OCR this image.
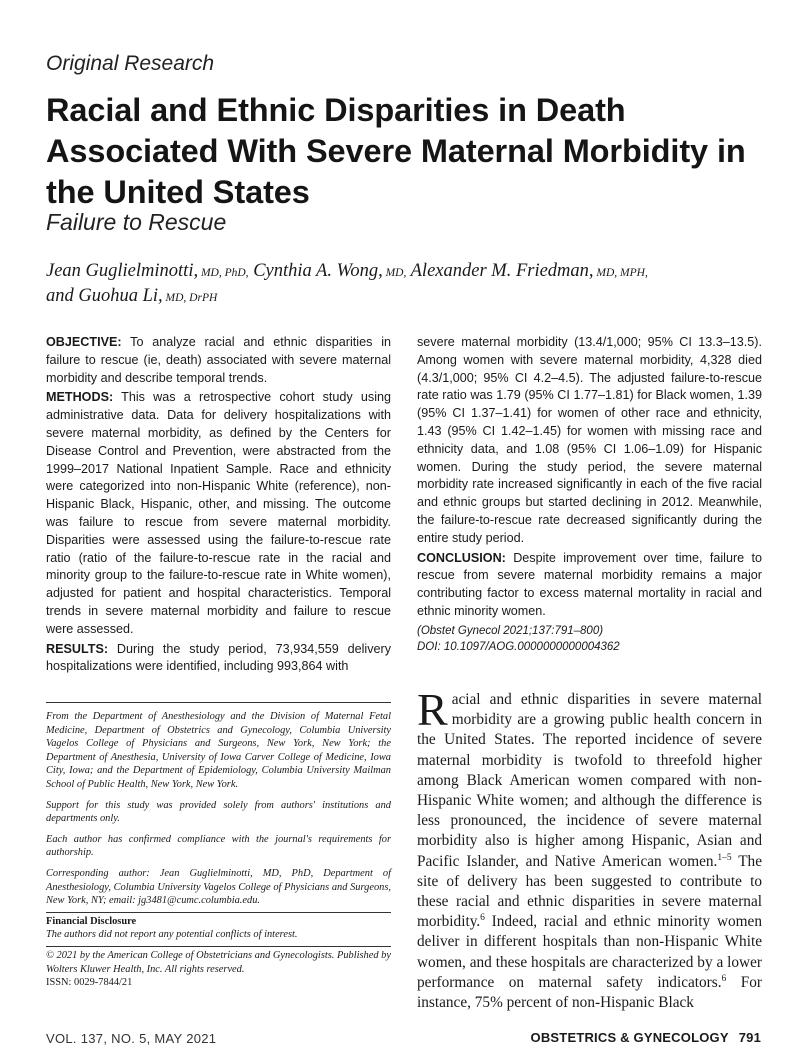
Original Research
Racial and Ethnic Disparities in Death Associated With Severe Maternal Morbidity in the United States
Failure to Rescue
Jean Guglielminotti, MD, PhD, Cynthia A. Wong, MD, Alexander M. Friedman, MD, MPH,
and Guohua Li, MD, DrPH

OBJECTIVE: To analyze racial and ethnic disparities in failure to rescue (ie, death) associated with severe maternal morbidity and describe temporal trends.

METHODS: This was a retrospective cohort study using administrative data. Data for delivery hospitalizations with severe maternal morbidity, as defined by the Centers for Disease Control and Prevention, were abstracted from the 1999–2017 National Inpatient Sample. Race and ethnicity were categorized into non-Hispanic White (reference), non-Hispanic Black, Hispanic, other, and missing. The outcome was failure to rescue from severe maternal morbidity. Disparities were assessed using the failure-to-rescue rate ratio (ratio of the failure-to-rescue rate in the racial and minority group to the failure-to-rescue rate in White women), adjusted for patient and hospital characteristics. Temporal trends in severe maternal morbidity and failure to rescue were assessed.

RESULTS: During the study period, 73,934,559 delivery hospitalizations were identified, including 993,864 with

severe maternal morbidity (13.4/1,000; 95% CI 13.3–13.5). Among women with severe maternal morbidity, 4,328 died (4.3/1,000; 95% CI 4.2–4.5). The adjusted failure-to-rescue rate ratio was 1.79 (95% CI 1.77–1.81) for Black women, 1.39 (95% CI 1.37–1.41) for women of other race and ethnicity, 1.43 (95% CI 1.42–1.45) for women with missing race and ethnicity data, and 1.08 (95% CI 1.06–1.09) for Hispanic women. During the study period, the severe maternal morbidity rate increased significantly in each of the five racial and ethnic groups but started declining in 2012. Meanwhile, the failure-to-rescue rate decreased significantly during the entire study period.

CONCLUSION: Despite improvement over time, failure to rescue from severe maternal morbidity remains a major contributing factor to excess maternal mortality in racial and ethnic minority women.

(Obstet Gynecol 2021;137:791–800)
DOI: 10.1097/AOG.0000000000004362

From the Department of Anesthesiology and the Division of Maternal Fetal Medicine, Department of Obstetrics and Gynecology, Columbia University Vagelos College of Physicians and Surgeons, New York, New York; the Department of Anesthesia, University of Iowa Carver College of Medicine, Iowa City, Iowa; and the Department of Epidemiology, Columbia University Mailman School of Public Health, New York, New York.

Support for this study was provided solely from authors' institutions and departments only.

Each author has confirmed compliance with the journal's requirements for authorship.

Corresponding author: Jean Guglielminotti, MD, PhD, Department of Anesthesiology, Columbia University Vagelos College of Physicians and Surgeons, New York, NY; email: jg3481@cumc.columbia.edu.

Financial Disclosure

The authors did not report any potential conflicts of interest.

© 2021 by the American College of Obstetricians and Gynecologists. Published by Wolters Kluwer Health, Inc. All rights reserved.

ISSN: 0029-7844/21

Racial and ethnic disparities in severe maternal morbidity are a growing public health concern in the United States. The reported incidence of severe maternal morbidity is twofold to threefold higher among Black American women compared with non-Hispanic White women; and although the difference is less pronounced, the incidence of severe maternal morbidity also is higher among Hispanic, Asian and Pacific Islander, and Native American women.$^{1-5}$ The site of delivery has been suggested to contribute to these racial and ethnic disparities in severe maternal morbidity.$^6$ Indeed, racial and ethnic minority women deliver in different hospitals than non-Hispanic White women, and these hospitals are characterized by a lower performance on maternal safety indicators.$^6$ For instance, 75% percent of non-Hispanic Black
VOL. 137, NO. 5, MAY 2021	OBSTETRICS & GYNECOLOGY 791
